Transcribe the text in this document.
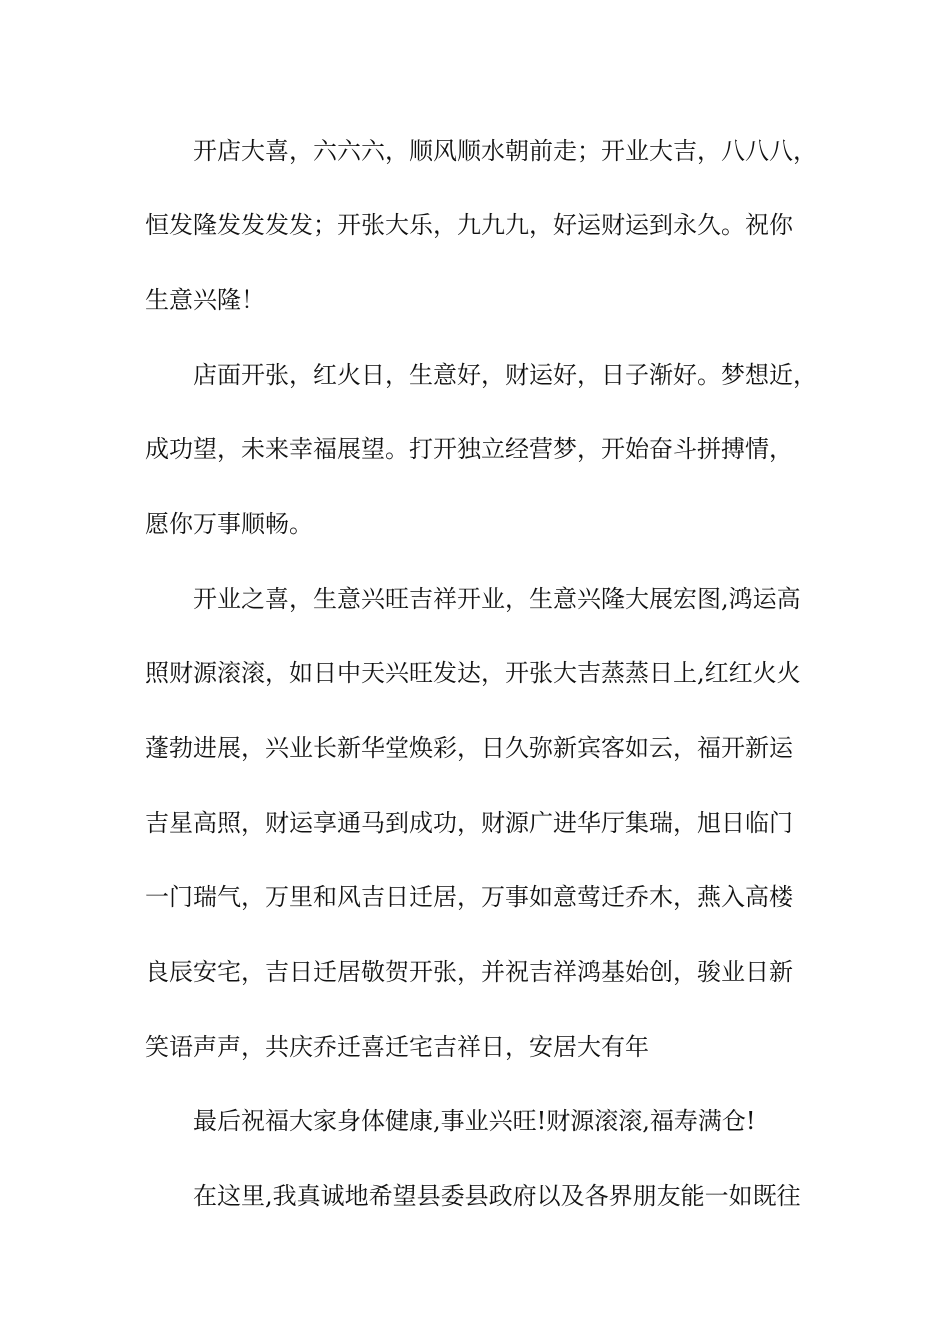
开店大喜，六六六，顺风顺水朝前走；开业大吉，八八八，
恒发隆发发发发；开张大乐，九九九，好运财运到永久。祝你
生意兴隆！
店面开张，红火日，生意好，财运好，日子渐好。梦想近，
成功望，未来幸福展望。打开独立经营梦，开始奋斗拼搏情，
愿你万事顺畅。
开业之喜，生意兴旺吉祥开业，生意兴隆大展宏图,鸿运高
照财源滚滚，如日中天兴旺发达，开张大吉蒸蒸日上,红红火火
蓬勃进展，兴业长新华堂焕彩，日久弥新宾客如云，福开新运
吉星高照，财运享通马到成功，财源广进华厅集瑞，旭日临门
一门瑞气，万里和风吉日迁居，万事如意莺迁乔木，燕入高楼
良辰安宅，吉日迁居敬贺开张，并祝吉祥鸿基始创，骏业日新
笑语声声，共庆乔迁喜迁宅吉祥日，安居大有年
最后祝福大家身体健康,事业兴旺!财源滚滚,福寿满仓!
在这里,我真诚地希望县委县政府以及各界朋友能一如既往
